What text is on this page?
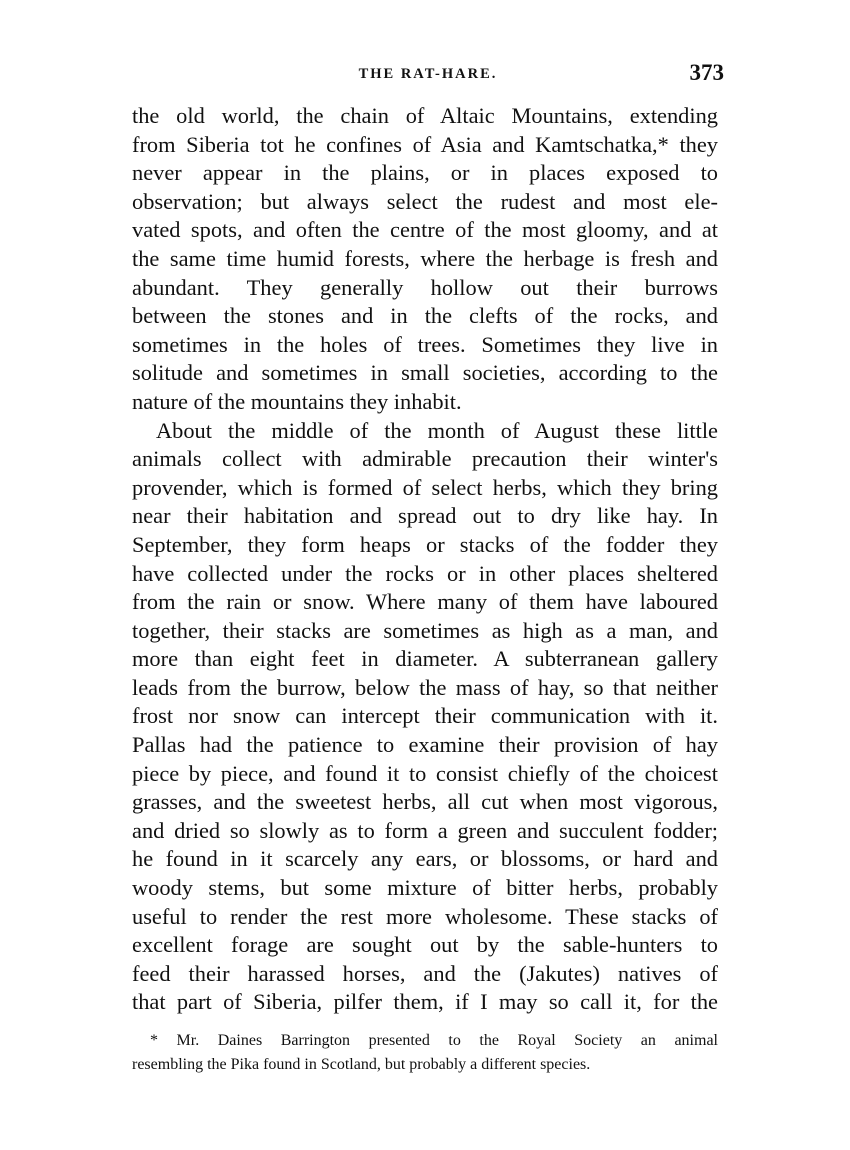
THE RAT-HARE.	373
the old world, the chain of Altaic Mountains, extending
from Siberia tot he confines of Asia and Kamtschatka,* they
never appear in the plains, or in places exposed to
observation; but always select the rudest and most ele-
vated spots, and often the centre of the most gloomy, and at
the same time humid forests, where the herbage is fresh and
abundant. They generally hollow out their burrows
between the stones and in the clefts of the rocks, and
sometimes in the holes of trees. Sometimes they live in
solitude and sometimes in small societies, according to the
nature of the mountains they inhabit.
About the middle of the month of August these little
animals collect with admirable precaution their winter's
provender, which is formed of select herbs, which they bring
near their habitation and spread out to dry like hay. In
September, they form heaps or stacks of the fodder they
have collected under the rocks or in other places sheltered
from the rain or snow. Where many of them have laboured
together, their stacks are sometimes as high as a man, and
more than eight feet in diameter. A subterranean gallery
leads from the burrow, below the mass of hay, so that neither
frost nor snow can intercept their communication with it.
Pallas had the patience to examine their provision of hay
piece by piece, and found it to consist chiefly of the choicest
grasses, and the sweetest herbs, all cut when most vigorous,
and dried so slowly as to form a green and succulent fodder;
he found in it scarcely any ears, or blossoms, or hard and
woody stems, but some mixture of bitter herbs, probably
useful to render the rest more wholesome. These stacks of
excellent forage are sought out by the sable-hunters to
feed their harassed horses, and the (Jakutes) natives of
that part of Siberia, pilfer them, if I may so call it, for the
* Mr. Daines Barrington presented to the Royal Society an animal
resembling the Pika found in Scotland, but probably a different species.
